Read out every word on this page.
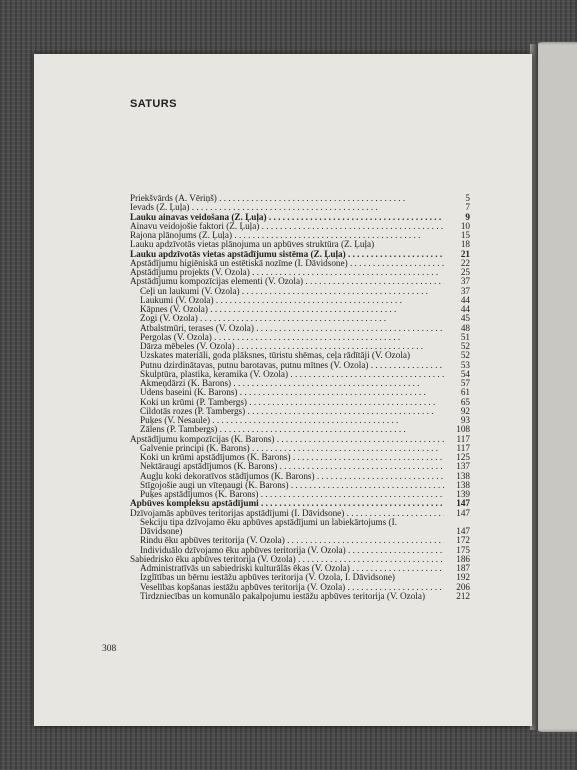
SATURS
Priekšvārds (A. Vēriņš) . . .	5
Ievads (Z. Ļuļa) . . .	7
Lauku ainavas veidošana (Z. Ļuļa) . . .	9
Ainavu veidojošie faktori (Z. Ļuļa) . . .	10
Rajona plānojums (Z. Ļuļa) . . .	15
Lauku apdzīvotās vietas plānojuma un apbūves struktūra (Z. Ļuļa)	18
Lauku apdzīvotās vietas apstādījumu sistēma (Z. Ļuļa) . . .	21
Apstādījumu higiēniskā un estētiskā nozīme (I. Dāvidsone) . . .	22
Apstādījumu projekts (V. Ozola) . . .	25
Apstādījumu kompozīcijas elementi (V. Ozola) . . .	37
Ceļi un laukumi (V. Ozola) . . .	37
Laukumi (V. Ozola) . . .	44
Kāpnes (V. Ozola) . . .	44
Žogi (V. Ozola) . . .	45
Atbalstmūri, terases (V. Ozola) . . .	48
Pergolas (V. Ozola) . . .	51
Dārza mēbeles (V. Ozola) . . .	52
Uzskates materiāli, goda plāksnes, tūristu shēmas, ceļa rādītāji (V. Ozola)	52
Putnu dzirdinātavas, putnu barotavas, putnu mītnes (V. Ozola) . . .	53
Skulptūra, plastika, keramika (V. Ozola) . . .	54
Akmeņdārzi (K. Barons) . . .	57
Ūdens baseini (K. Barons) . . .	61
Koki un krūmi (P. Tambergs) . . .	65
Cildotās rozes (P. Tambergs) . . .	92
Puķes (V. Nesaule) . . .	93
Zālens (P. Tambergs) . . .	108
Apstādījumu kompozīcijas (K. Barons) . . .	117
Galvenie principi (K. Barons) . . .	117
Koki un krūmi apstādījumos (K. Barons) . . .	125
Nektāraugi apstādījumos (K. Barons) . . .	137
Augļu koki dekoratīvos stādījumos (K. Barons) . . .	138
Stīgojošie augi un vīteņaugi (K. Barons) . . .	138
Puķes apstādījumos (K. Barons) . . .	139
Apbūves kompleksu apstādījumi . . .	147
Dzīvojamās apbūves teritorijas apstādījumi (I. Dāvidsone) . . .	147
Sekciju tipa dzīvojamo ēku apbūves apstādījumi un labiekārtojums (I. Dāvidsone)	147
Rindu ēku apbūves teritorija (V. Ozola) . . .	172
Individuālo dzīvojamo ēku apbūves teritorija (V. Ozola) . . .	175
Sabiedrisko ēku apbūves teritorija (V. Ozola) . . .	186
Administratīvās un sabiedriski kulturālās ēkas (V. Ozola) . . .	187
Izglītības un bērnu iestāžu apbūves teritorija (V. Ozola, I. Dāvidsone)	192
Veselības kopšanas iestāžu apbūves teritorija (V. Ozola) . . .	206
Tirdzniecības un komunālo pakalpojumu iestāžu apbūves teritorija (V. Ozola)	212
308
